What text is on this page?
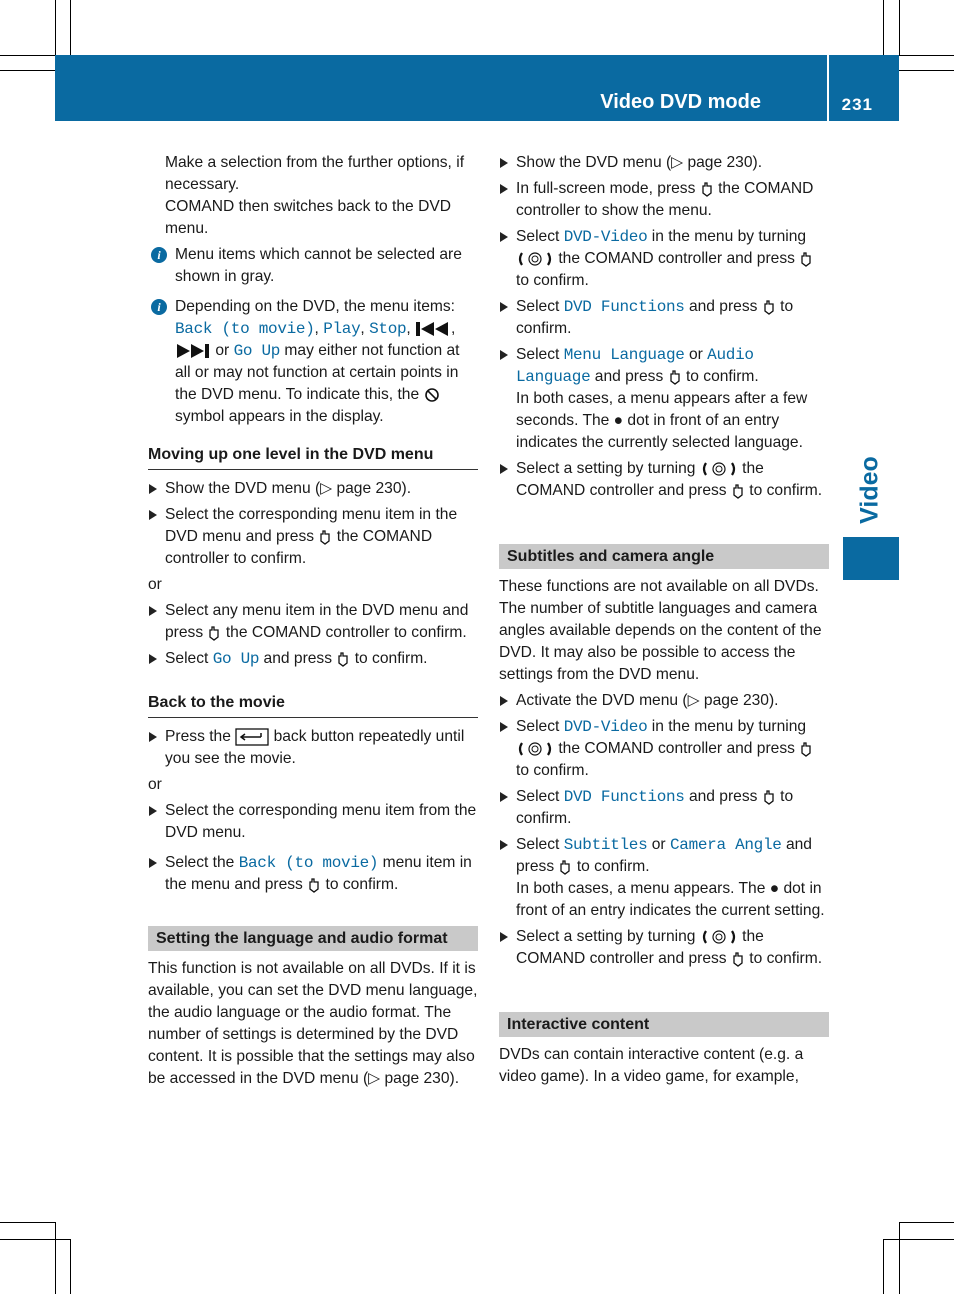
Video DVD mode	231
Video

Make a selection from the further options, if necessary.

COMAND then switches back to the DVD menu.

i Menu items which cannot be selected are shown in gray.
i Depending on the DVD, the menu items: Back (to movie), Play, Stop, ,  or Go Up may either not function at all or may not function at certain points in the DVD menu. To indicate this, the  symbol appears in the display.
Moving up one level in the DVD menu

Show the DVD menu (▷ page 230).

Select the corresponding menu item in the DVD menu and press the COMAND controller to confirm.

or

Select any menu item in the DVD menu and press the COMAND controller to confirm.

Select Go Up and press to confirm.

Back to the movie

Press the	back button repeatedly until you see the movie.

or

Select the corresponding menu item from the DVD menu.

Select the Back (to movie) menu item in the menu and press to confirm.

Setting the language and audio format

This function is not available on all DVDs. If it is available, you can set the DVD menu language, the audio language or the audio format. The number of settings is determined by the DVD content. It is possible that the settings may also be accessed in the DVD menu (▷ page 230).

Show the DVD menu (▷ page 230).

In full-screen mode, press the COMAND controller to show the menu.

Select DVD-Video in the menu by turning  the COMAND controller and press  to confirm.

Select DVD Functions and press to confirm.

Select Menu Language or Audio Language and press to confirm.

In both cases, a menu appears after a few seconds. The ● dot in front of an entry indicates the currently selected language.

Select a setting by turning	the COMAND controller and press to confirm.

Subtitles and camera angle

These functions are not available on all DVDs. The number of subtitle languages and camera angles available depends on the content of the DVD. It may also be possible to access the settings from the DVD menu.

Activate the DVD menu (▷ page 230).

Select DVD-Video in the menu by turning  the COMAND controller and press  to confirm.

Select DVD Functions and press to confirm.

Select Subtitles or Camera Angle and press to confirm.

In both cases, a menu appears. The ● dot in front of an entry indicates the current setting.

Select a setting by turning	the COMAND controller and press to confirm.

Interactive content

DVDs can contain interactive content (e.g. a video game). In a video game, for example,
